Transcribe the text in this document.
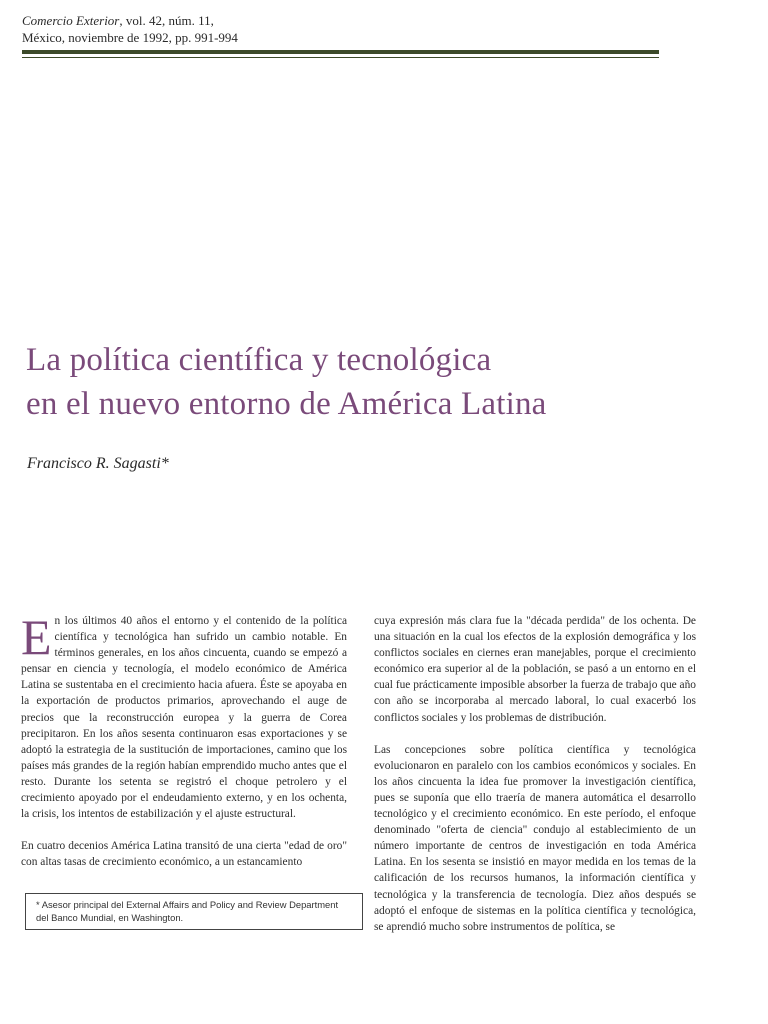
Comercio Exterior, vol. 42, núm. 11,
México, noviembre de 1992, pp. 991-994
La política científica y tecnológica
en el nuevo entorno de América Latina
Francisco R. Sagasti*

En los últimos 40 años el entorno y el contenido de la política científica y tecnológica han sufrido un cambio notable. En términos generales, en los años cincuenta, cuando se empezó a pensar en ciencia y tecnología, el modelo económico de América Latina se sustentaba en el crecimiento hacia afuera. Éste se apoyaba en la exportación de productos primarios, aprovechando el auge de precios que la reconstrucción europea y la guerra de Corea precipitaron. En los años sesenta continuaron esas exportaciones y se adoptó la estrategia de la sustitución de importaciones, camino que los países más grandes de la región habían emprendido mucho antes que el resto. Durante los setenta se registró el choque petrolero y el crecimiento apoyado por el endeudamiento externo, y en los ochenta, la crisis, los intentos de estabilización y el ajuste estructural.

En cuatro decenios América Latina transitó de una cierta "edad de oro" con altas tasas de crecimiento económico, a un estancamiento

* Asesor principal del External Affairs and Policy and Review Department del Banco Mundial, en Washington.

cuya expresión más clara fue la "década perdida" de los ochenta. De una situación en la cual los efectos de la explosión demográfica y los conflictos sociales en ciernes eran manejables, porque el crecimiento económico era superior al de la población, se pasó a un entorno en el cual fue prácticamente imposible absorber la fuerza de trabajo que año con año se incorporaba al mercado laboral, lo cual exacerbó los conflictos sociales y los problemas de distribución.

Las concepciones sobre política científica y tecnológica evolucionaron en paralelo con los cambios económicos y sociales. En los años cincuenta la idea fue promover la investigación científica, pues se suponía que ello traería de manera automática el desarrollo tecnológico y el crecimiento económico. En este período, el enfoque denominado "oferta de ciencia" condujo al establecimiento de un número importante de centros de investigación en toda América Latina. En los sesenta se insistió en mayor medida en los temas de la calificación de los recursos humanos, la información científica y tecnológica y la transferencia de tecnología. Diez años después se adoptó el enfoque de sistemas en la política científica y tecnológica, se aprendió mucho sobre instrumentos de política, se
